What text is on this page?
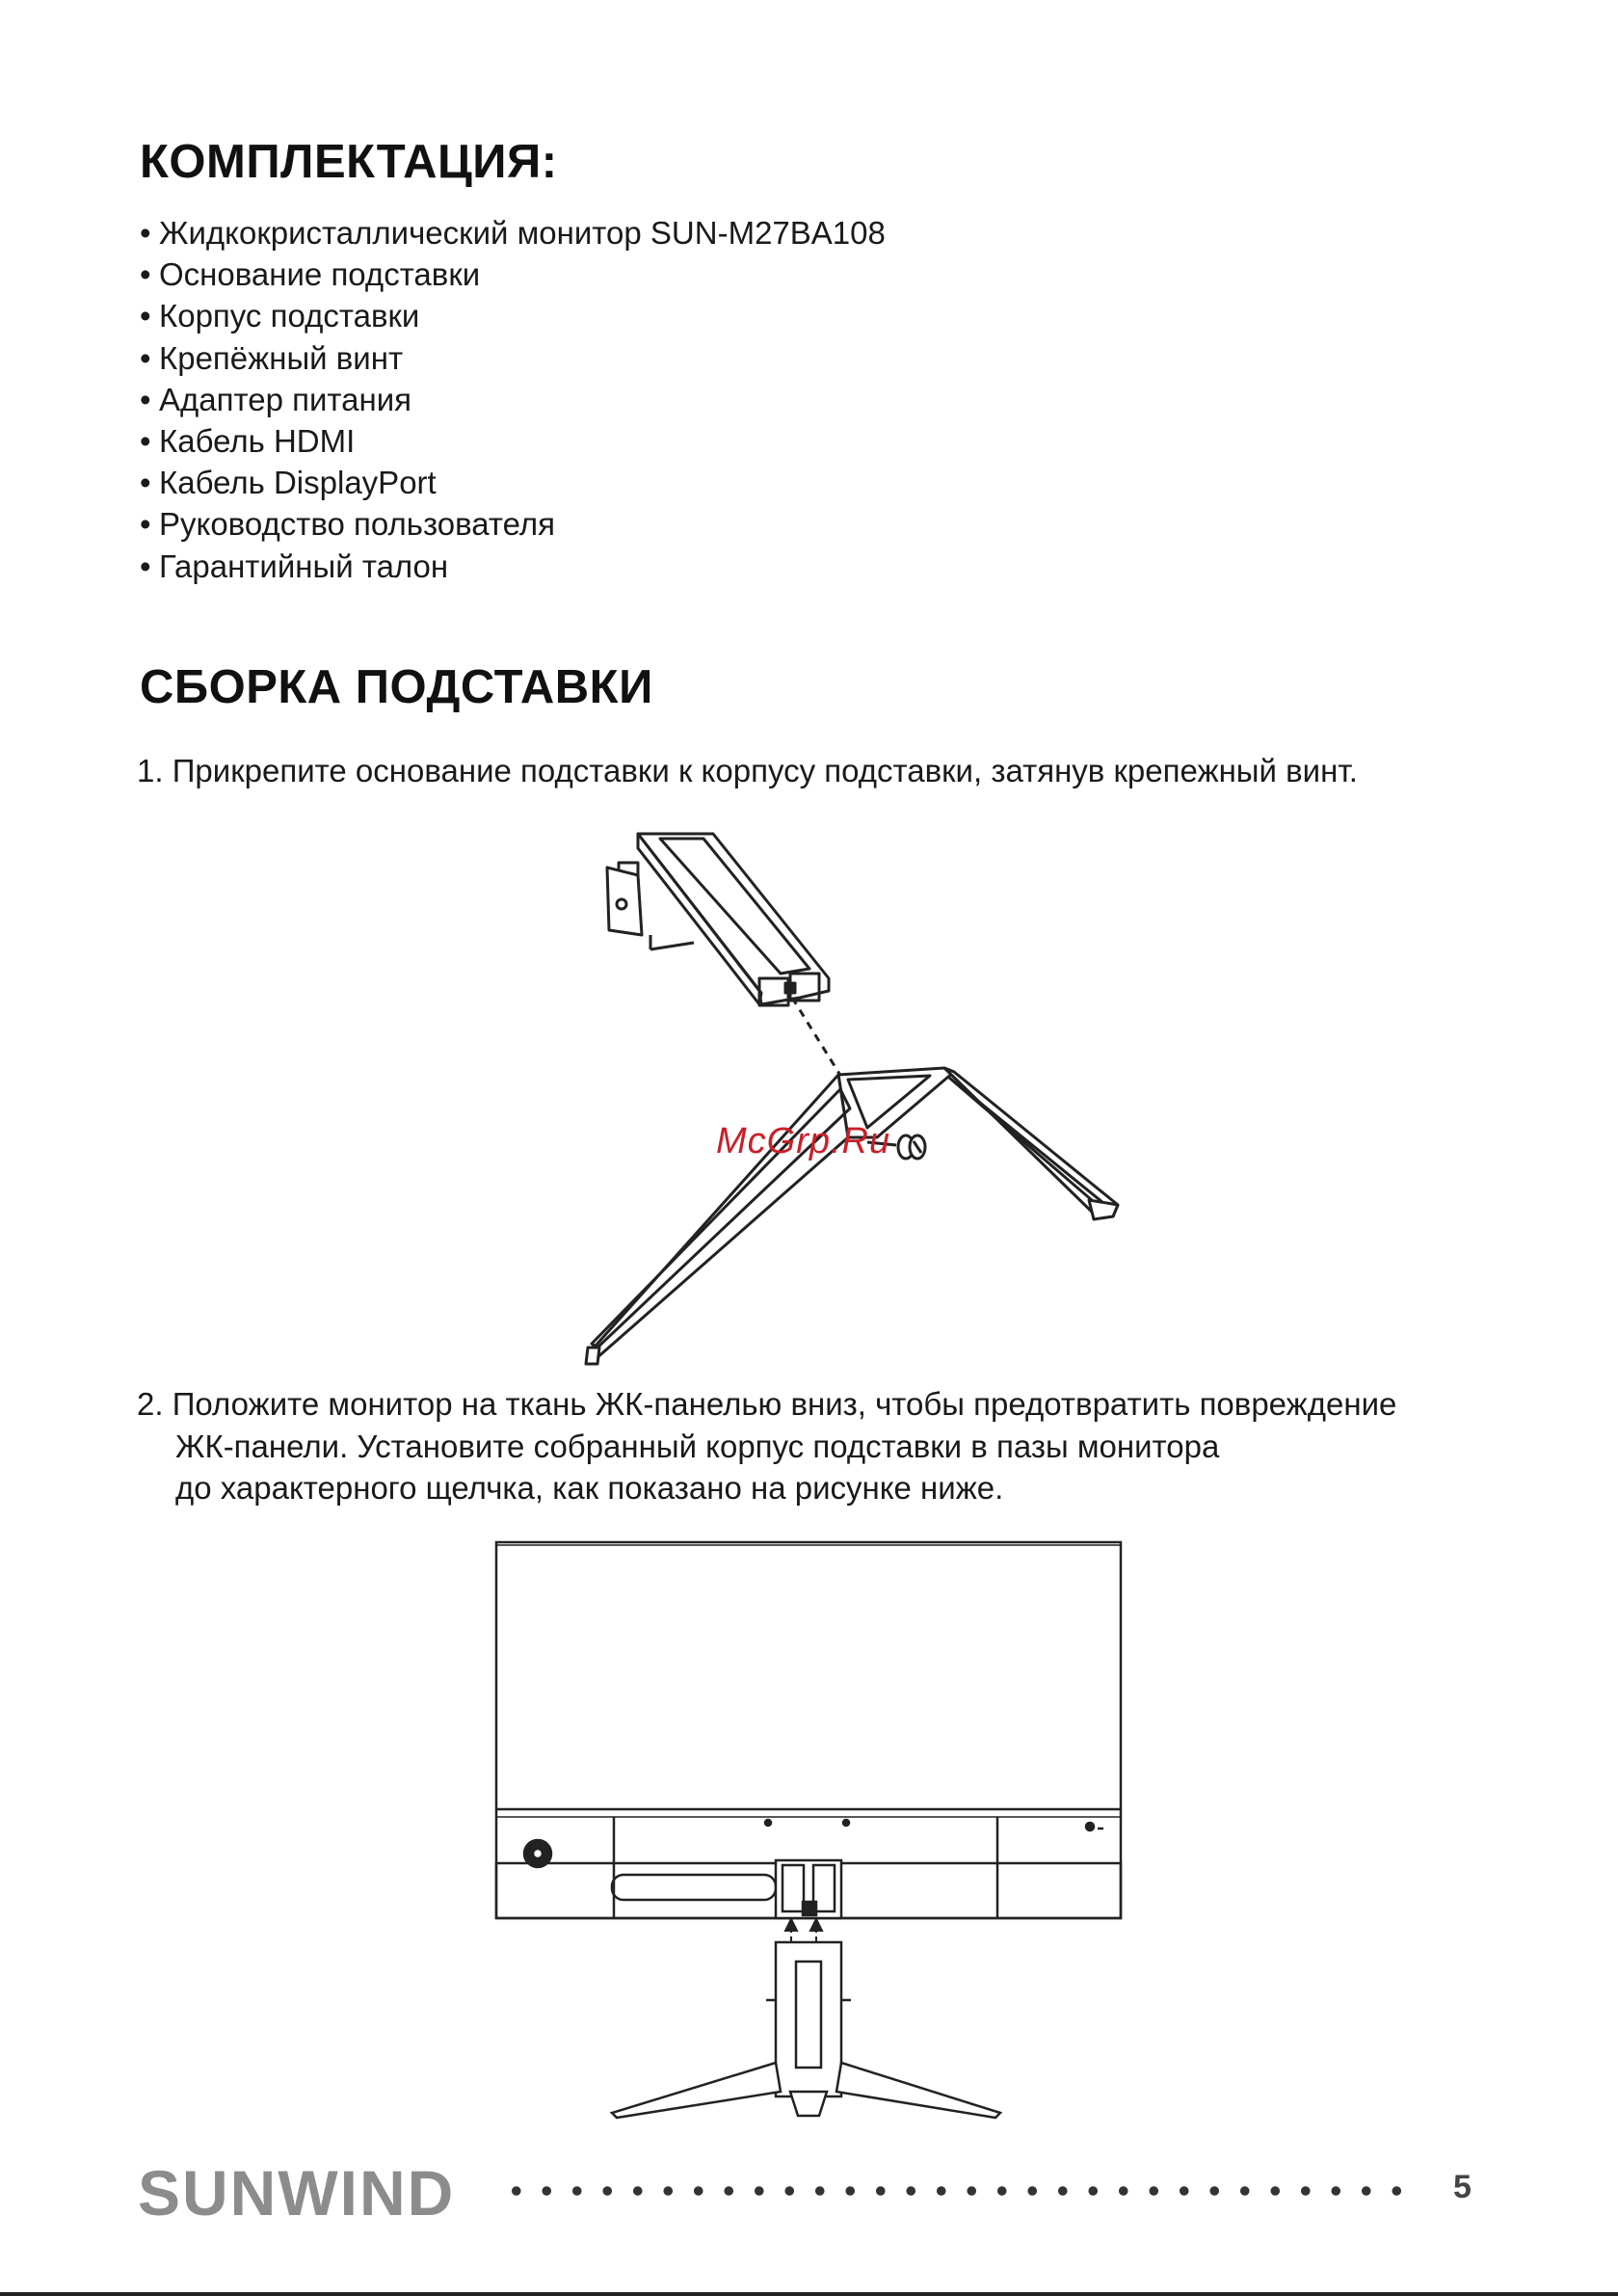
КОМПЛЕКТАЦИЯ:
• Жидкокристаллический монитор SUN-M27BA108
• Основание подставки
• Корпус подставки
• Крепёжный винт
• Адаптер питания
• Кабель HDMI
• Кабель DisplayPort
• Руководство пользователя
• Гарантийный талон
СБОРКА ПОДСТАВКИ
1. Прикрепите основание подставки к корпусу подставки, затянув крепежный винт.
McGrp.Ru
2. Положите монитор на ткань ЖК-панелью вниз, чтобы предотвратить повреждение
ЖК-панели. Установите собранный корпус подставки в пазы монитора
до характерного щелчка, как показано на рисунке ниже.
SUNWIND	5
